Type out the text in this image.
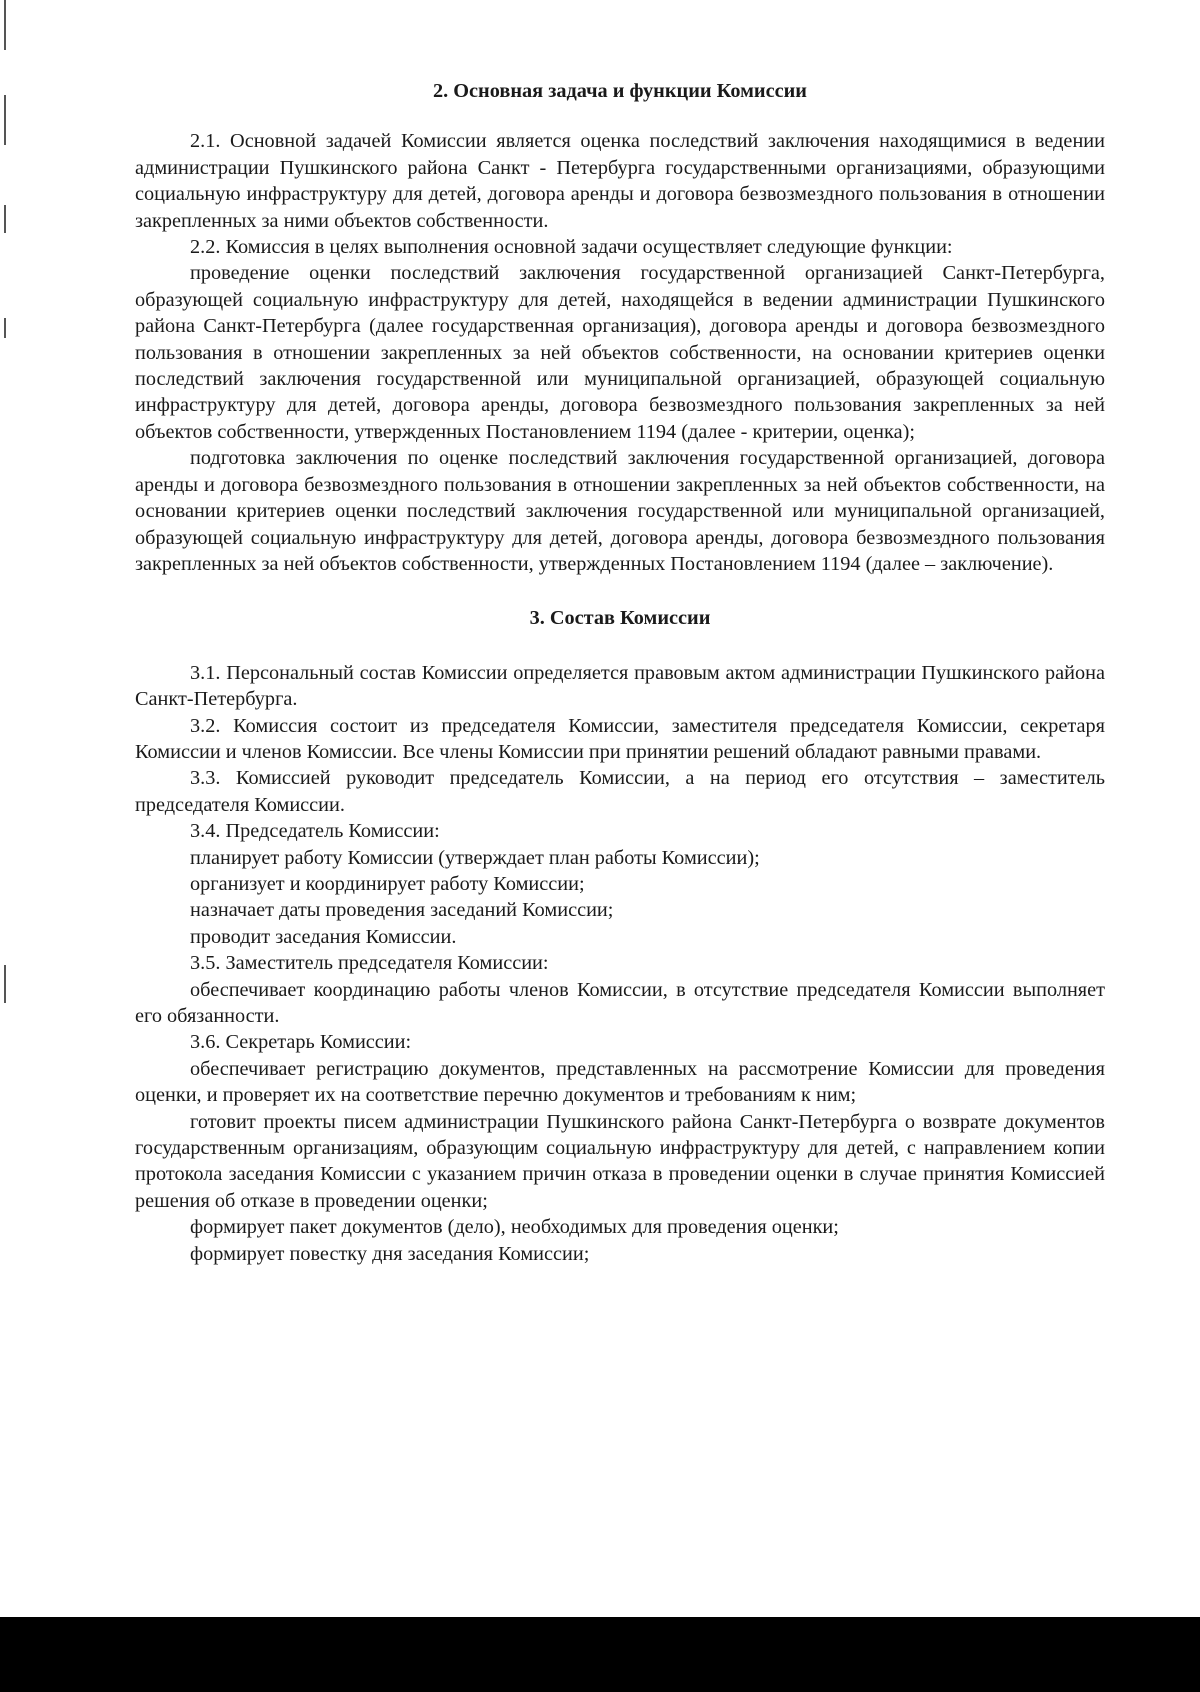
2. Основная задача и функции Комиссии

2.1. Основной задачей Комиссии является оценка последствий заключения находящимися в ведении администрации Пушкинского района Санкт - Петербурга государственными организациями, образующими социальную инфраструктуру для детей, договора аренды и договора безвозмездного пользования в отношении закрепленных за ними объектов собственности.

2.2. Комиссия в целях выполнения основной задачи осуществляет следующие функции:

проведение оценки последствий заключения государственной организацией Санкт-Петербурга, образующей социальную инфраструктуру для детей, находящейся в ведении администрации Пушкинского района Санкт-Петербурга (далее государственная организация), договора аренды и договора безвозмездного пользования в отношении закрепленных за ней объектов собственности, на основании критериев оценки последствий заключения государственной или муниципальной организацией, образующей социальную инфраструктуру для детей, договора аренды, договора безвозмездного пользования закрепленных за ней объектов собственности, утвержденных Постановлением 1194 (далее - критерии, оценка);

подготовка заключения по оценке последствий заключения государственной организацией, договора аренды и договора безвозмездного пользования в отношении закрепленных за ней объектов собственности, на основании критериев оценки последствий заключения государственной или муниципальной организацией, образующей социальную инфраструктуру для детей, договора аренды, договора безвозмездного пользования закрепленных за ней объектов собственности, утвержденных Постановлением 1194 (далее – заключение).

3. Состав Комиссии

3.1. Персональный состав Комиссии определяется правовым актом администрации Пушкинского района Санкт-Петербурга.

3.2. Комиссия состоит из председателя Комиссии, заместителя председателя Комиссии, секретаря Комиссии и членов Комиссии. Все члены Комиссии при принятии решений обладают равными правами.

3.3. Комиссией руководит председатель Комиссии, а на период его отсутствия – заместитель председателя Комиссии.

3.4. Председатель Комиссии:

планирует работу Комиссии (утверждает план работы Комиссии);

организует и координирует работу Комиссии;

назначает даты проведения заседаний Комиссии;

проводит заседания Комиссии.

3.5. Заместитель председателя Комиссии:

обеспечивает координацию работы членов Комиссии, в отсутствие председателя Комиссии выполняет его обязанности.

3.6. Секретарь Комиссии:

обеспечивает регистрацию документов, представленных на рассмотрение Комиссии для проведения оценки, и проверяет их на соответствие перечню документов и требованиям к ним;

готовит проекты писем администрации Пушкинского района Санкт-Петербурга о возврате документов государственным организациям, образующим социальную инфраструктуру для детей, с направлением копии протокола заседания Комиссии с указанием причин отказа в проведении оценки в случае принятия Комиссией решения об отказе в проведении оценки;

формирует пакет документов (дело), необходимых для проведения оценки;

формирует повестку дня заседания Комиссии;
